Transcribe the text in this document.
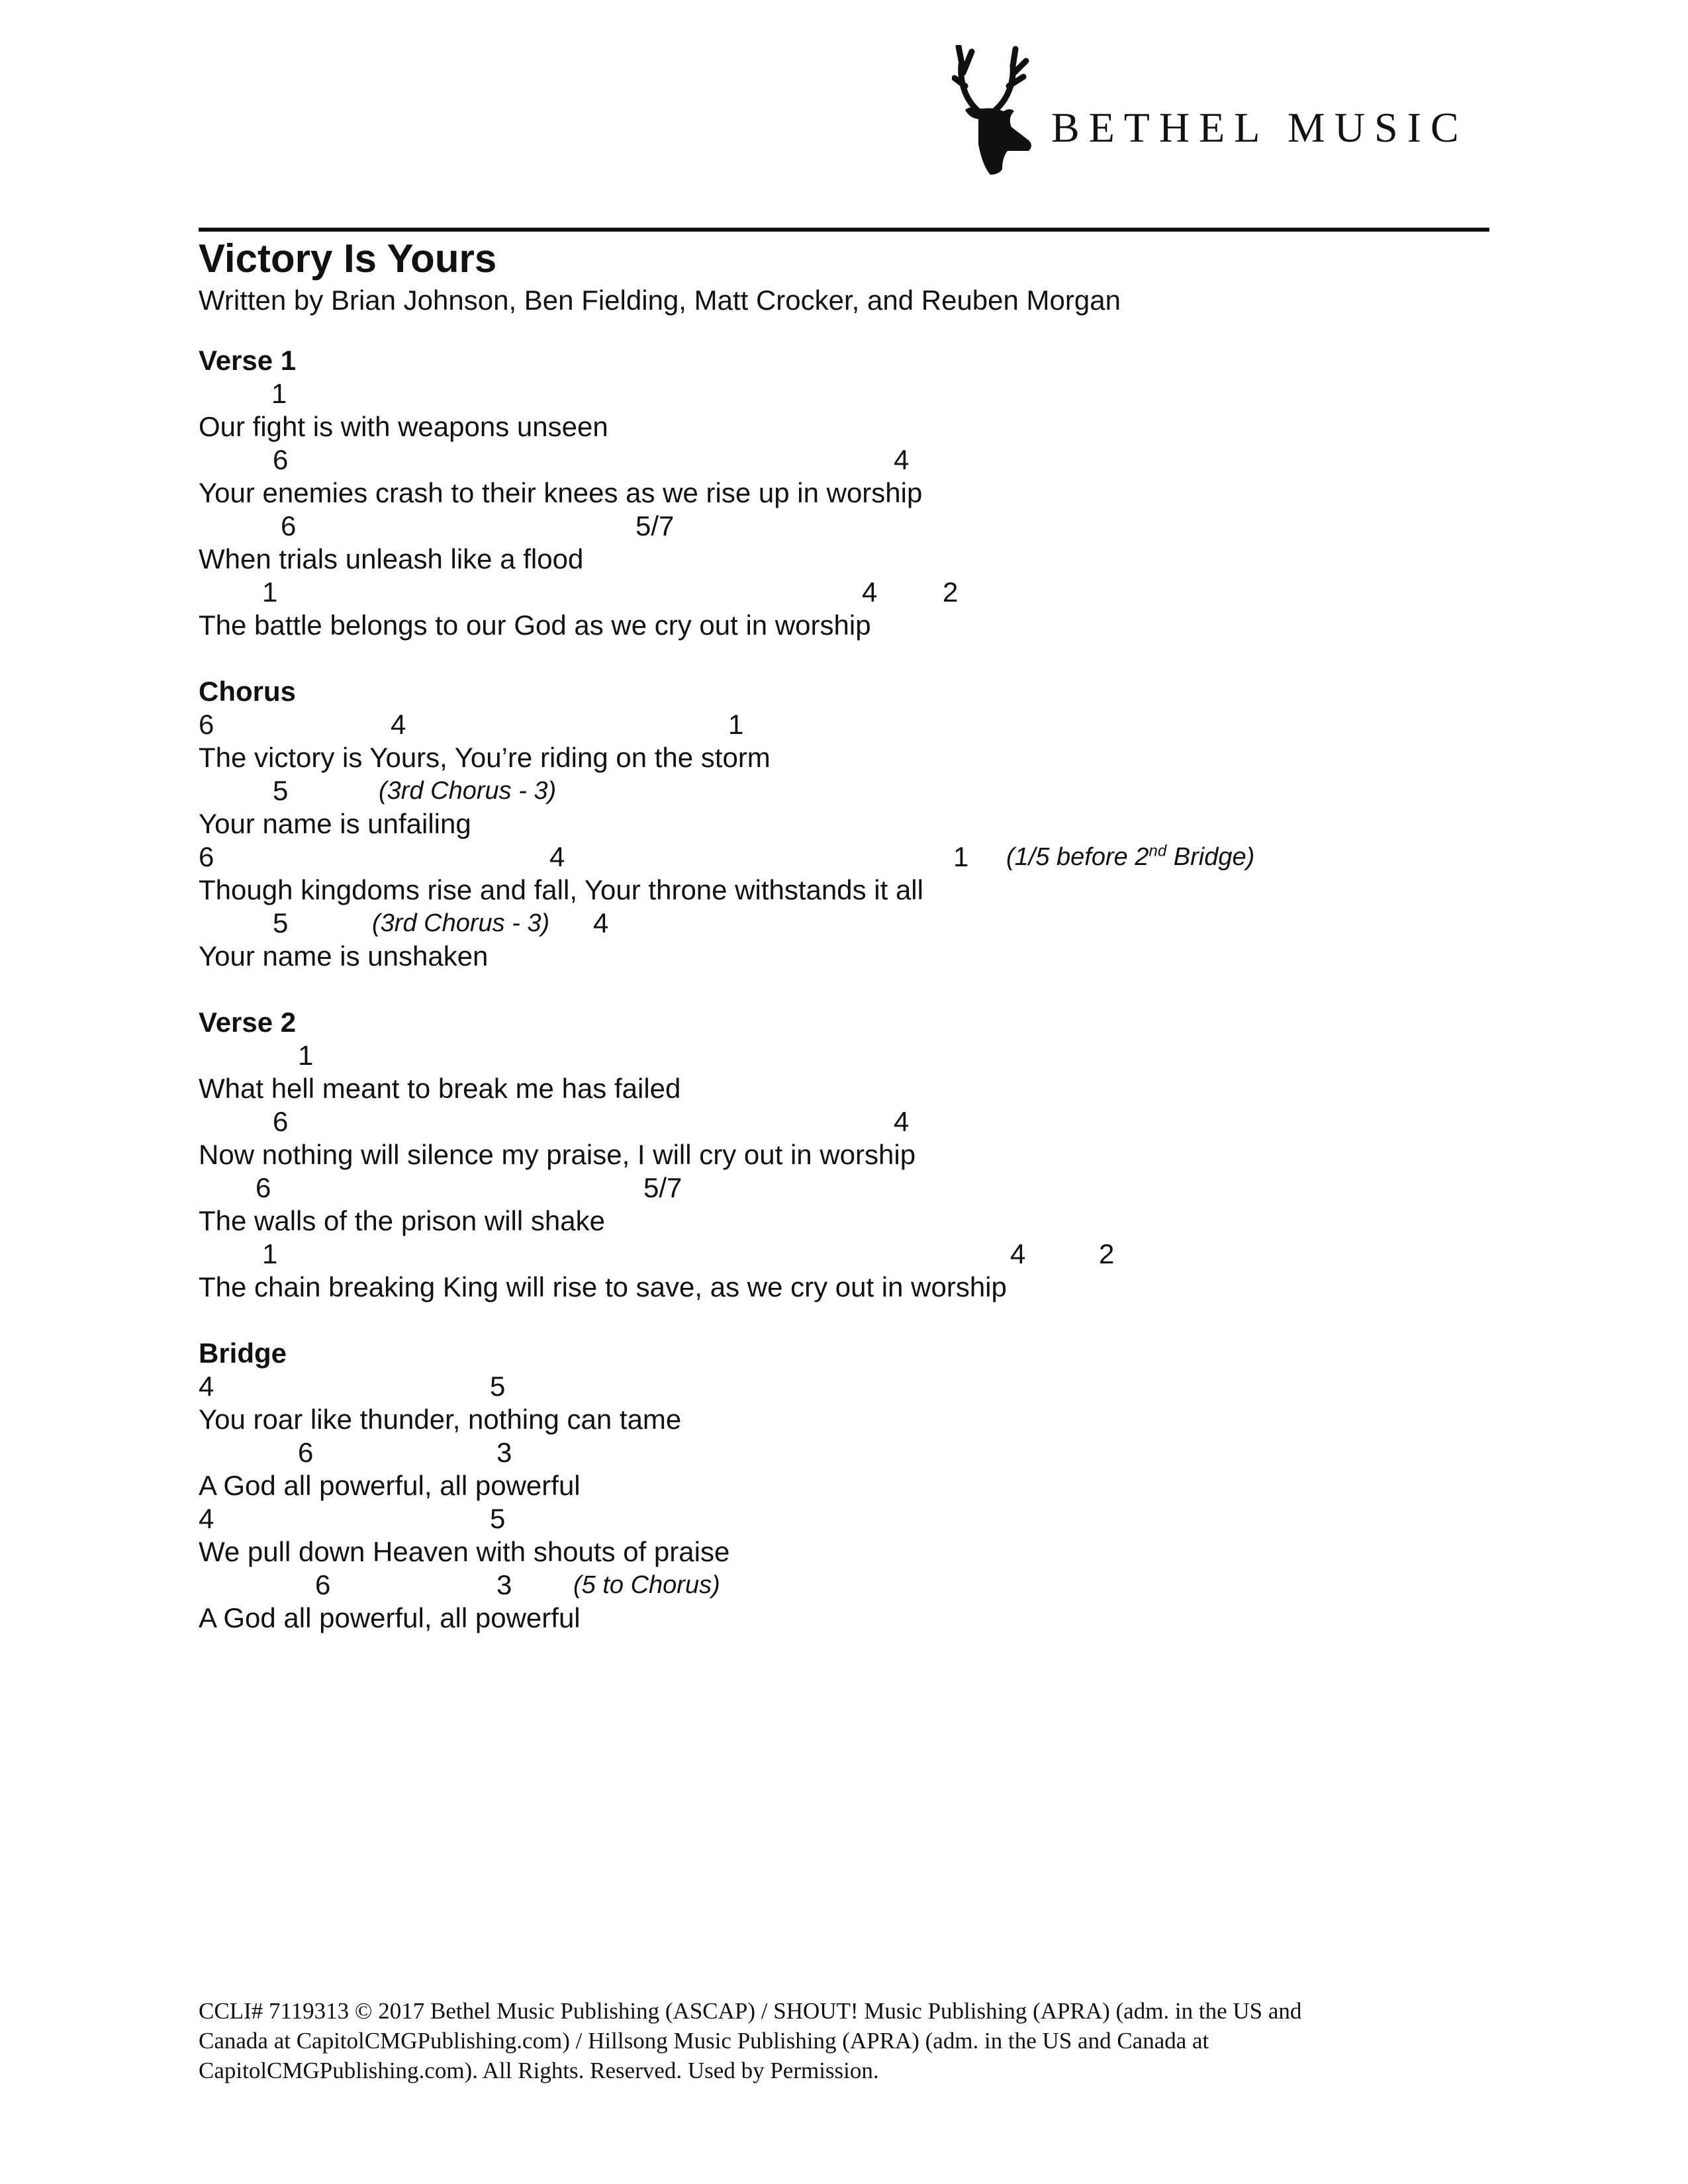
BETHEL MUSIC
Victory Is Yours
Written by Brian Johnson, Ben Fielding, Matt Crocker, and Reuben Morgan
Verse 1
1
Our fight is with weapons unseen
6	4
Your enemies crash to their knees as we rise up in worship
6	5/7
When trials unleash like a flood
1	4 2
The battle belongs to our God as we cry out in worship
Chorus
6	4	1
The victory is Yours, You’re riding on the storm
5	(3rd Chorus - 3)
Your name is unfailing
6	4	1 (1/5 before 2nd Bridge)
Though kingdoms rise and fall, Your throne withstands it all
5	(3rd Chorus - 3) 4
Your name is unshaken
Verse 2
1
What hell meant to break me has failed
6	4
Now nothing will silence my praise, I will cry out in worship
6	5/7
The walls of the prison will shake
1	4	2
The chain breaking King will rise to save, as we cry out in worship
Bridge
4	5
You roar like thunder, nothing can tame
6	3
A God all powerful, all powerful
4	5
We pull down Heaven with shouts of praise
6	3 (5 to Chorus)
A God all powerful, all powerful
CCLI# 7119313 © 2017 Bethel Music Publishing (ASCAP) / SHOUT! Music Publishing (APRA) (adm. in the US and
Canada at CapitolCMGPublishing.com) / Hillsong Music Publishing (APRA) (adm. in the US and Canada at
CapitolCMGPublishing.com). All Rights. Reserved. Used by Permission.
